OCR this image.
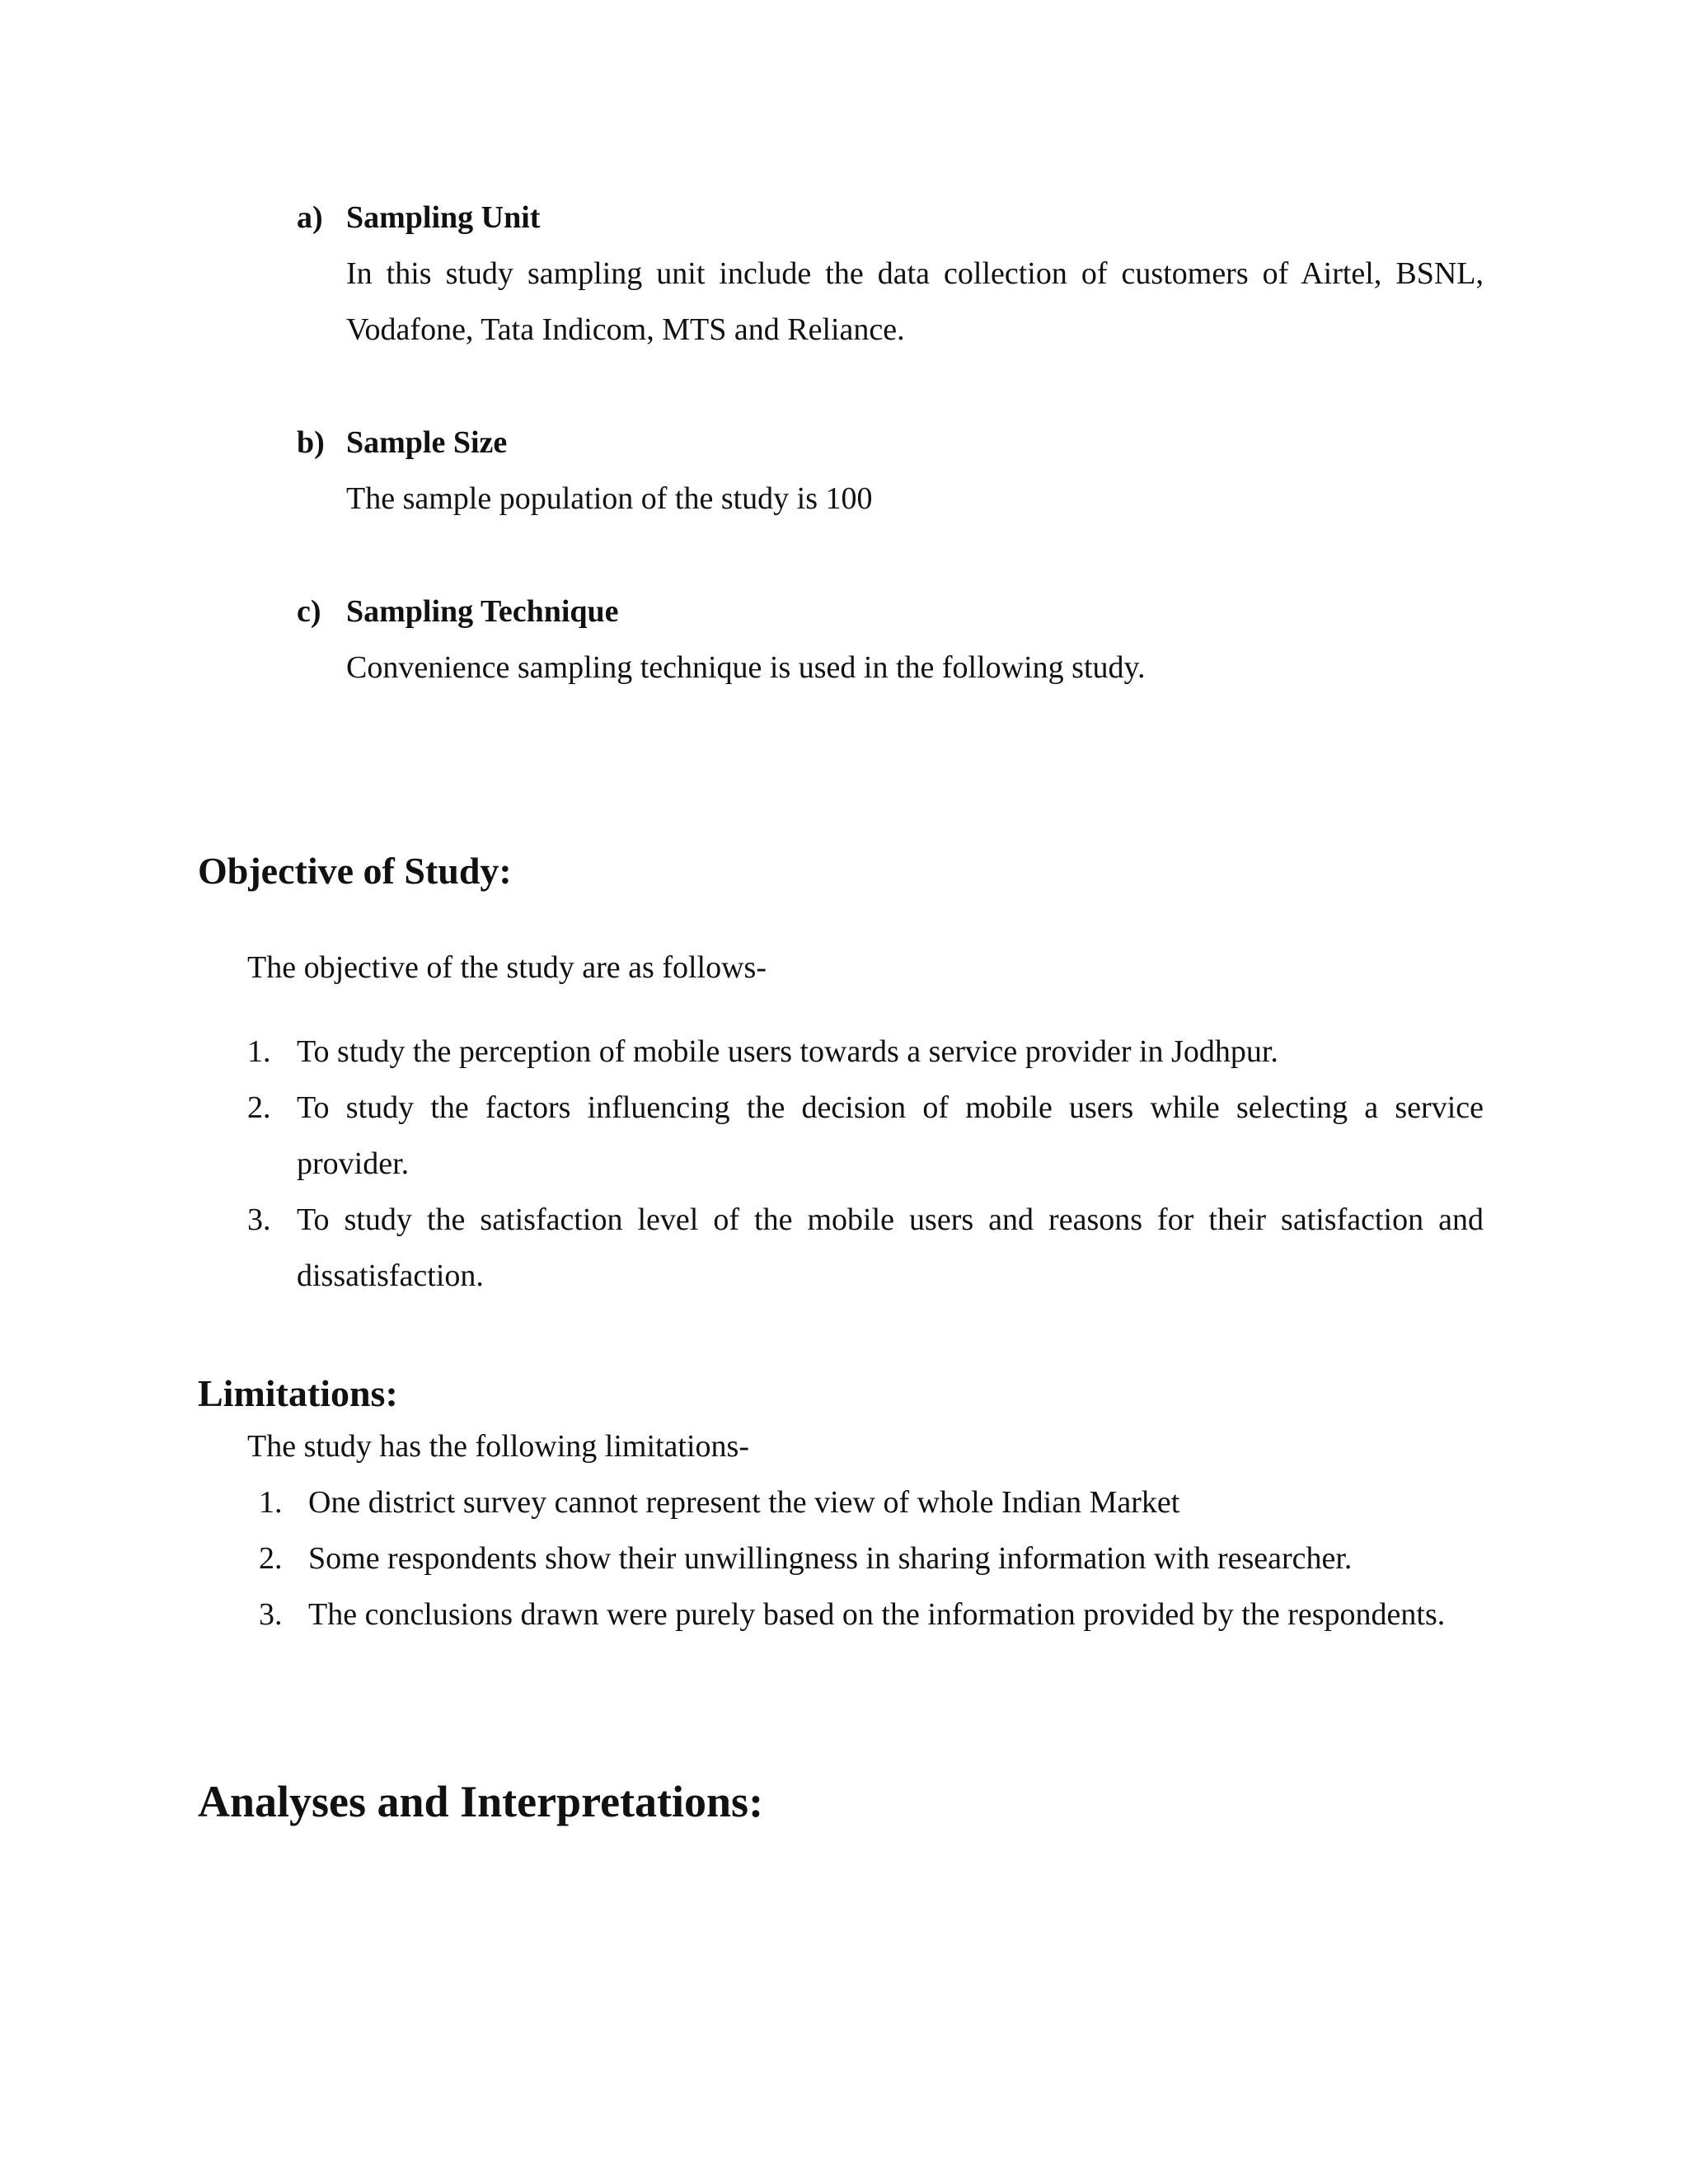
a) Sampling Unit
In this study sampling unit include the data collection of customers of Airtel, BSNL, Vodafone, Tata Indicom, MTS and Reliance.
b) Sample Size
The sample population of the study is 100
c) Sampling Technique
Convenience sampling technique is used in the following study.
Objective of Study:
The objective of the study are as follows-
1. To study the perception of mobile users towards a service provider in Jodhpur.
2. To study the factors influencing the decision of mobile users while selecting a service provider.
3. To study the satisfaction level of the mobile users and reasons for their satisfaction and dissatisfaction.
Limitations:
The study has the following limitations-
1. One district survey cannot represent the view of whole Indian Market
2. Some respondents show their unwillingness in sharing information with researcher.
3. The conclusions drawn were purely based on the information provided by the respondents.
Analyses and Interpretations:
